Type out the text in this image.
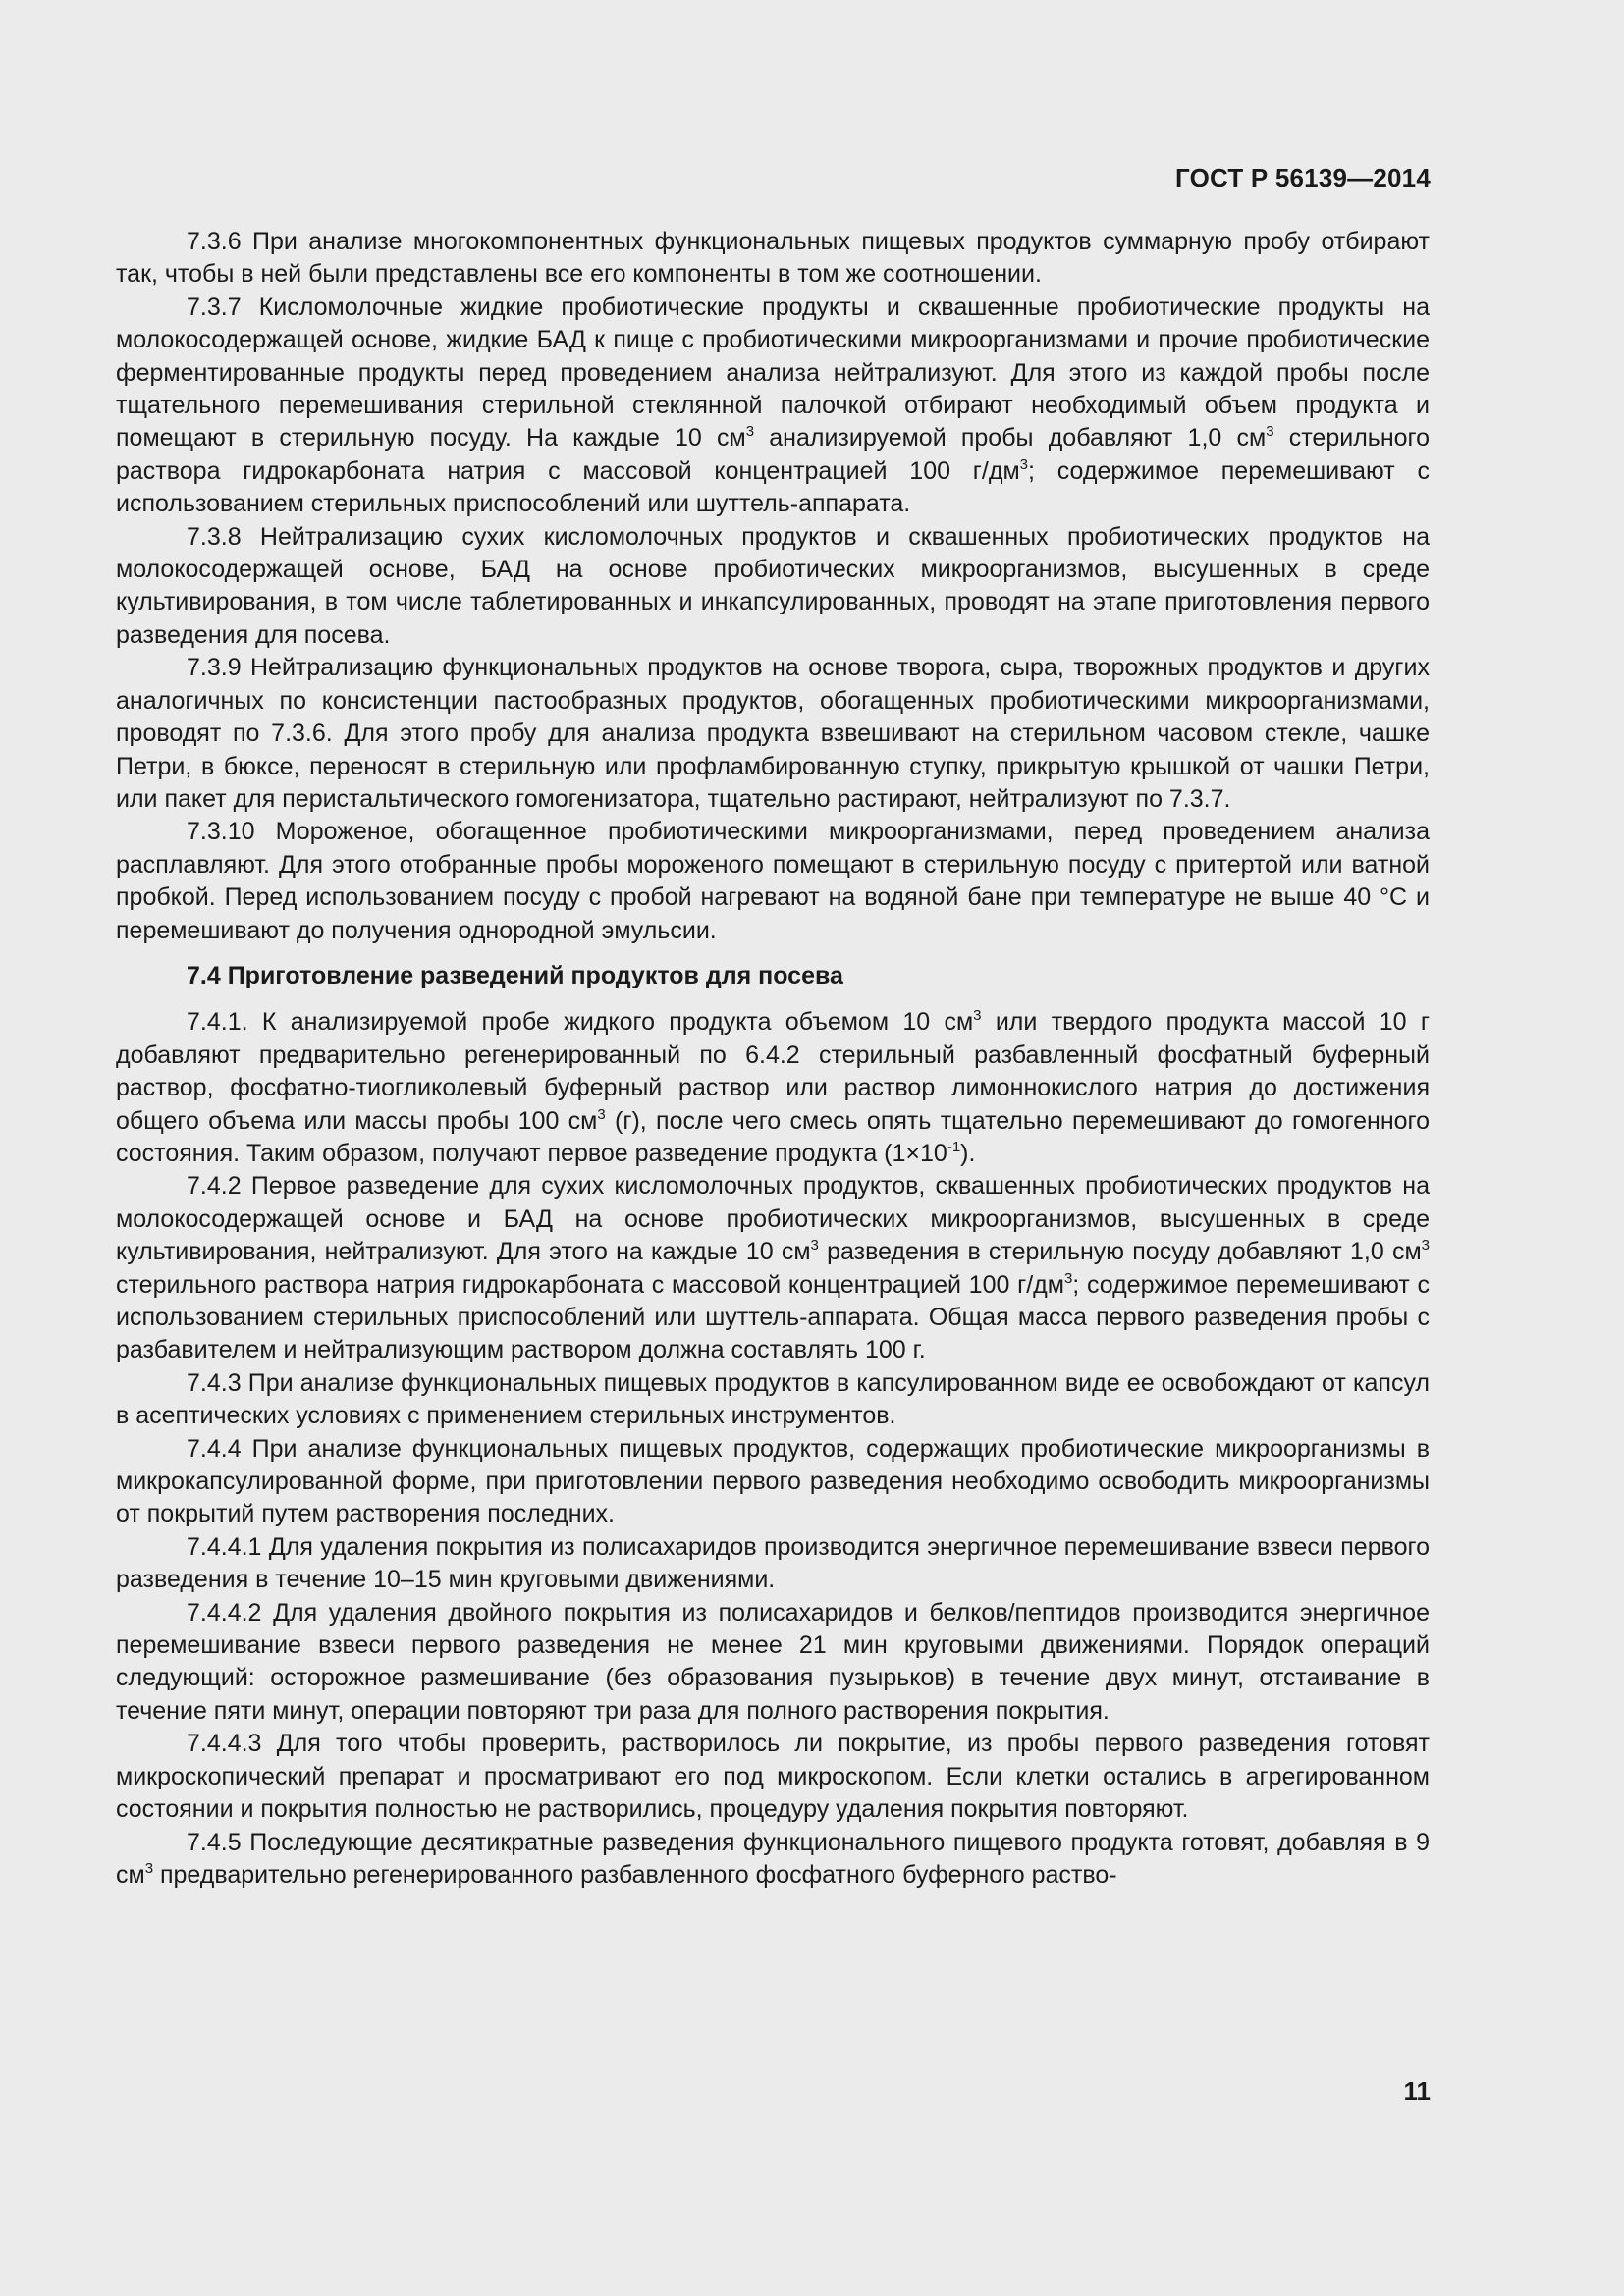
ГОСТ Р 56139—2014

7.3.6 При анализе многокомпонентных функциональных пищевых продуктов суммарную пробу отбирают так, чтобы в ней были представлены все его компоненты в том же соотношении.

7.3.7 Кисломолочные жидкие пробиотические продукты и сквашенные пробиотические продукты на молокосодержащей основе, жидкие БАД к пище с пробиотическими микроорганизмами и прочие пробиотические ферментированные продукты перед проведением анализа нейтрализуют. Для этого из каждой пробы после тщательного перемешивания стерильной стеклянной палочкой отбирают необходимый объем продукта и помещают в стерильную посуду. На каждые 10 $см^3$ анализируемой пробы добавляют 1,0 $см^3$ стерильного раствора гидрокарбоната натрия с массовой концентрацией 100 $г/дм^3$; содержимое перемешивают с использованием стерильных приспособлений или шуттель-аппарата.

7.3.8 Нейтрализацию сухих кисломолочных продуктов и сквашенных пробиотических продуктов на молокосодержащей основе, БАД на основе пробиотических микроорганизмов, высушенных в среде культивирования, в том числе таблетированных и инкапсулированных, проводят на этапе приготовления первого разведения для посева.

7.3.9 Нейтрализацию функциональных продуктов на основе творога, сыра, творожных продуктов и других аналогичных по консистенции пастообразных продуктов, обогащенных пробиотическими микроорганизмами, проводят по 7.3.6. Для этого пробу для анализа продукта взвешивают на стерильном часовом стекле, чашке Петри, в бюксе, переносят в стерильную или профламбированную ступку, прикрытую крышкой от чашки Петри, или пакет для перистальтического гомогенизатора, тщательно растирают, нейтрализуют по 7.3.7.

7.3.10 Мороженое, обогащенное пробиотическими микроорганизмами, перед проведением анализа расплавляют. Для этого отобранные пробы мороженого помещают в стерильную посуду с притертой или ватной пробкой. Перед использованием посуду с пробой нагревают на водяной бане при температуре не выше 40 °С и перемешивают до получения однородной эмульсии.

7.4 Приготовление разведений продуктов для посева

7.4.1. К анализируемой пробе жидкого продукта объемом 10 $см^3$ или твердого продукта массой 10 г добавляют предварительно регенерированный по 6.4.2 стерильный разбавленный фосфатный буферный раствор, фосфатно-тиогликолевый буферный раствор или раствор лимоннокислого натрия до достижения общего объема или массы пробы 100 $см^3$ (г), после чего смесь опять тщательно перемешивают до гомогенного состояния. Таким образом, получают первое разведение продукта $(1\times 10^{-1})$.

7.4.2 Первое разведение для сухих кисломолочных продуктов, сквашенных пробиотических продуктов на молокосодержащей основе и БАД на основе пробиотических микроорганизмов, высушенных в среде культивирования, нейтрализуют. Для этого на каждые 10 $см^3$ разведения в стерильную посуду добавляют 1,0 $см^3$ стерильного раствора натрия гидрокарбоната с массовой концентрацией 100 $г/дм^3$; содержимое перемешивают с использованием стерильных приспособлений или шуттель-аппарата. Общая масса первого разведения пробы с разбавителем и нейтрализующим раствором должна составлять 100 г.

7.4.3 При анализе функциональных пищевых продуктов в капсулированном виде ее освобождают от капсул в асептических условиях с применением стерильных инструментов.

7.4.4 При анализе функциональных пищевых продуктов, содержащих пробиотические микроорганизмы в микрокапсулированной форме, при приготовлении первого разведения необходимо освободить микроорганизмы от покрытий путем растворения последних.

7.4.4.1 Для удаления покрытия из полисахаридов производится энергичное перемешивание взвеси первого разведения в течение 10–15 мин круговыми движениями.

7.4.4.2 Для удаления двойного покрытия из полисахаридов и белков/пептидов производится энергичное перемешивание взвеси первого разведения не менее 21 мин круговыми движениями. Порядок операций следующий: осторожное размешивание (без образования пузырьков) в течение двух минут, отстаивание в течение пяти минут, операции повторяют три раза для полного растворения покрытия.

7.4.4.3 Для того чтобы проверить, растворилось ли покрытие, из пробы первого разведения готовят микроскопический препарат и просматривают его под микроскопом. Если клетки остались в агрегированном состоянии и покрытия полностью не растворились, процедуру удаления покрытия повторяют.

7.4.5 Последующие десятикратные разведения функционального пищевого продукта готовят, добавляя в 9 $см^3$ предварительно регенерированного разбавленного фосфатного буферного раство-

11
